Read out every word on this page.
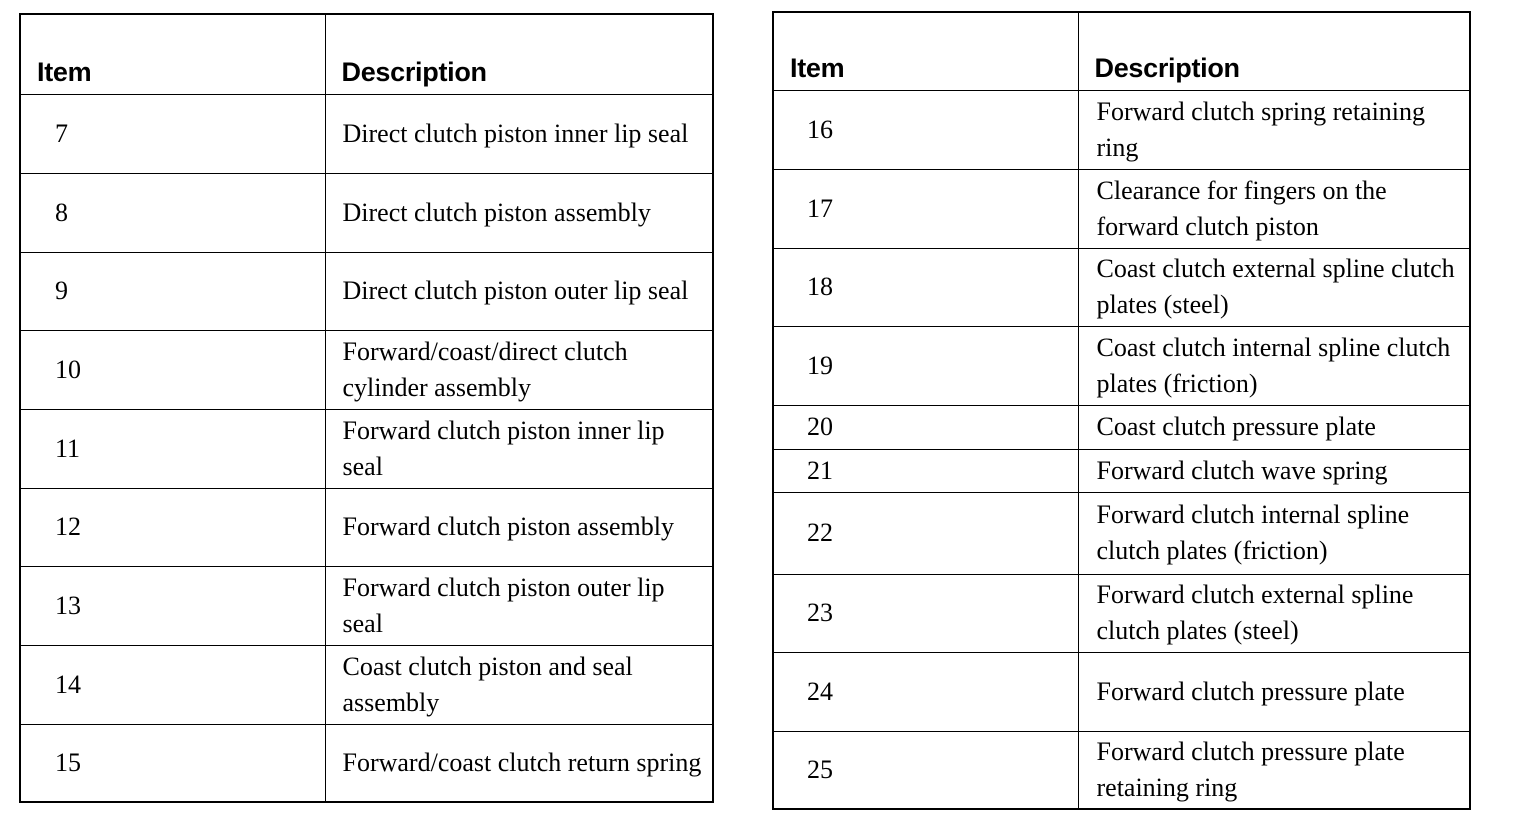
Item	Description
7	Direct clutch piston inner lip seal
8	Direct clutch piston assembly
9	Direct clutch piston outer lip seal
10	Forward/coast/direct clutch cylinder assembly
11	Forward clutch piston inner lip seal
12	Forward clutch piston assembly
13	Forward clutch piston outer lip seal
14	Coast clutch piston and seal assembly
15	Forward/coast clutch return spring
Item	Description
16	Forward clutch spring retaining ring
17	Clearance for fingers on the forward clutch piston
18	Coast clutch external spline clutch plates (steel)
19	Coast clutch internal spline clutch plates (friction)
20	Coast clutch pressure plate
21	Forward clutch wave spring
22	Forward clutch internal spline clutch plates (friction)
23	Forward clutch external spline clutch plates (steel)
24	Forward clutch pressure plate
25	Forward clutch pressure plate retaining ring
